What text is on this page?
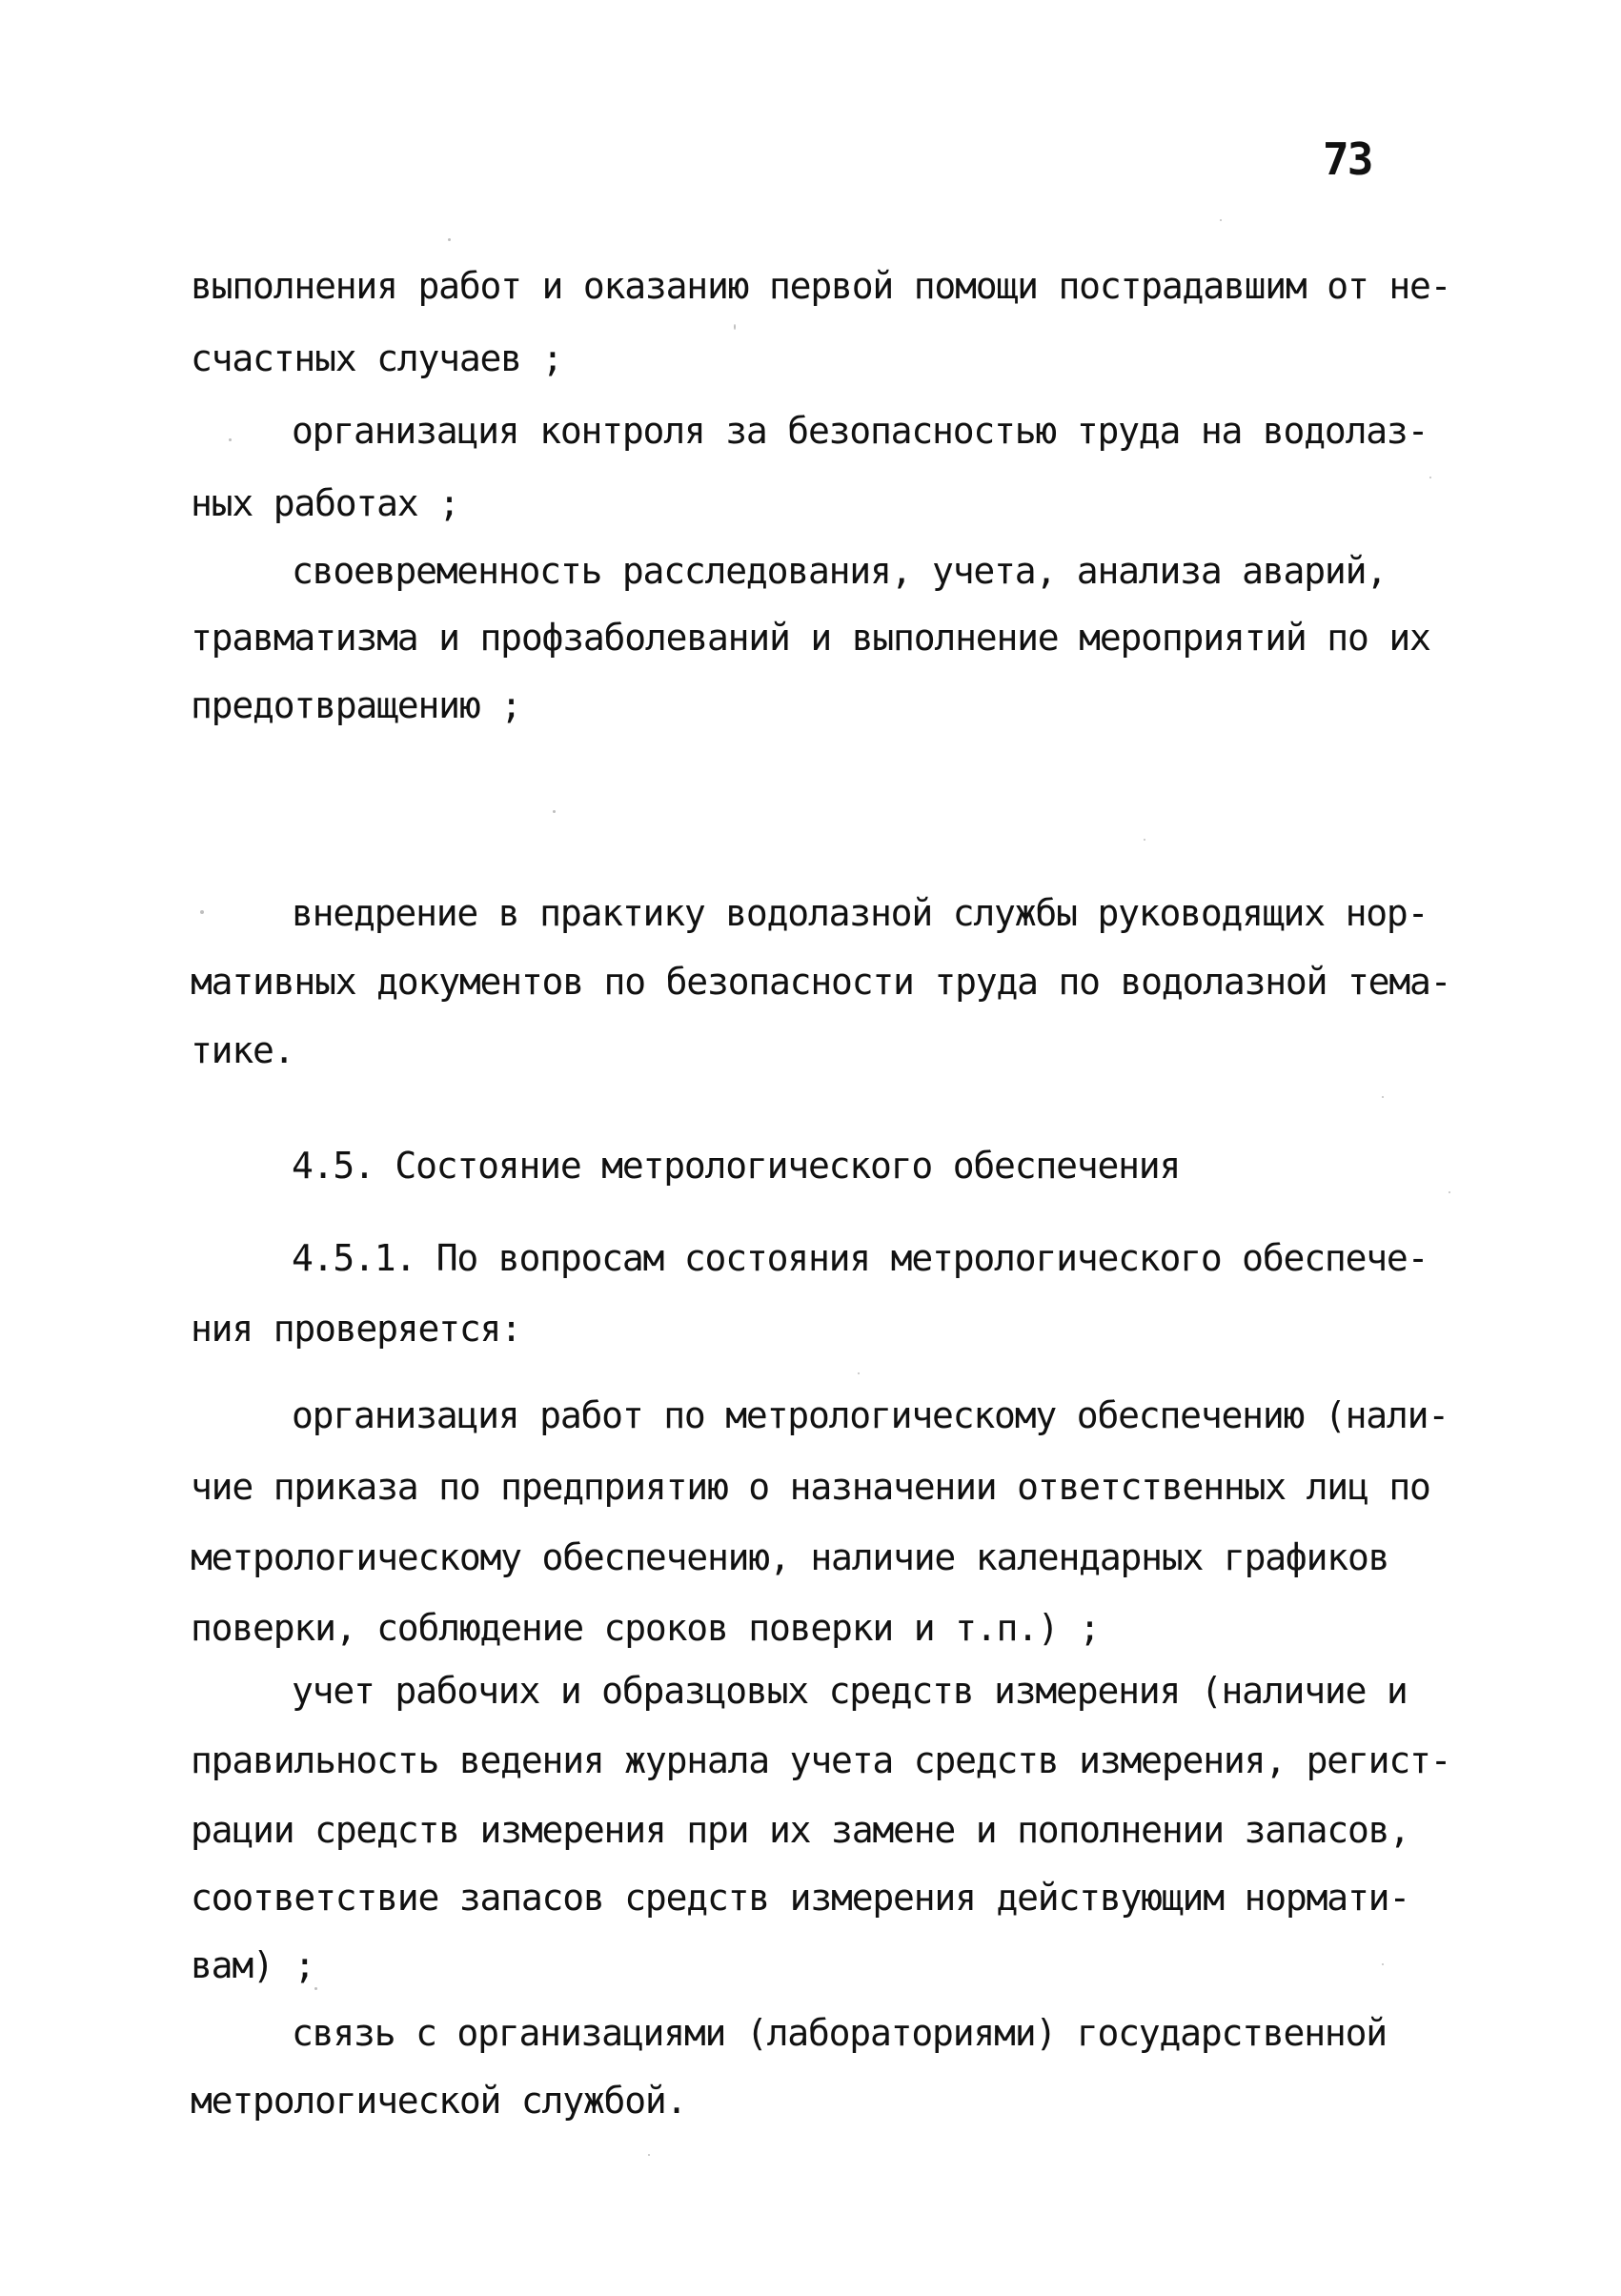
73
выполнения работ и оказанию первой помощи пострадавшим от не-
счастных случаев ;
организация контроля за безопасностью труда на водолаз-
ных работах ;
своевременность расследования, учета, анализа аварий,
травматизма и профзаболеваний и выполнение мероприятий по их
предотвращению ;
внедрение в практику водолазной службы руководящих нор-
мативных документов по безопасности труда по водолазной тема-
тике.
4.5. Состояние метрологического обеспечения
4.5.1. По вопросам состояния метрологического обеспече-
ния проверяется:
организация работ по метрологическому обеспечению (нали-
чие приказа по предприятию о назначении ответственных лиц по
метрологическому обеспечению, наличие календарных графиков
поверки, соблюдение сроков поверки и т.п.) ;
учет рабочих и образцовых средств измерения (наличие и
правильность ведения журнала учета средств измерения, регист-
рации средств измерения при их замене и пополнении запасов,
соответствие запасов средств измерения действующим нормати-
вам) ;
связь с организациями (лабораториями) государственной
метрологической службой.
